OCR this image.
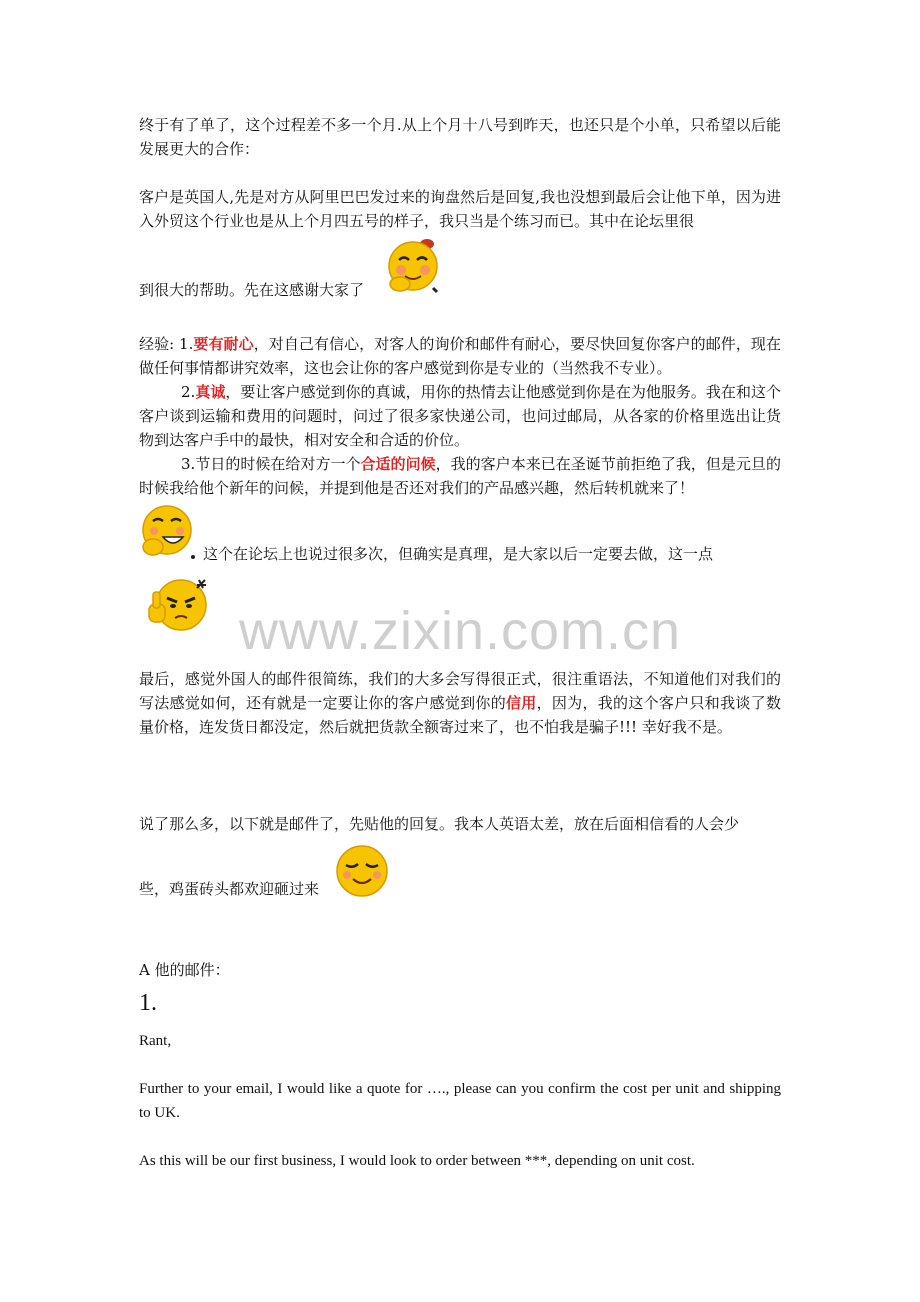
www.zixin.com.cn
终于有了单了，这个过程差不多一个月.从上个月十八号到昨天，也还只是个小单，只希望以后能发展更大的合作：
客户是英国人,先是对方从阿里巴巴发过来的询盘然后是回复,我也没想到最后会让他下单，因为进入外贸这个行业也是从上个月四五号的样子，我只当是个练习而已。其中在论坛里很
到很大的帮助。先在这感谢大家了
经验: 1.要有耐心，对自己有信心，对客人的询价和邮件有耐心，要尽快回复你客户的邮件，现在做任何事情都讲究效率，这也会让你的客户感觉到你是专业的（当然我不专业）。
2.真诚，要让客户感觉到你的真诚，用你的热情去让他感觉到你是在为他服务。我在和这个客户谈到运输和费用的问题时，问过了很多家快递公司，也问过邮局，从各家的价格里选出让货物到达客户手中的最快，相对安全和合适的价位。
3.节日的时候在给对方一个合适的问候，我的客户本来已在圣诞节前拒绝了我，但是元旦的时候我给他个新年的问候，并提到他是否还对我们的产品感兴趣，然后转机就来了！
这个在论坛上也说过很多次，但确实是真理，是大家以后一定要去做，这一点
最后，感觉外国人的邮件很简练，我们的大多会写得很正式，很注重语法，不知道他们对我们的写法感觉如何，还有就是一定要让你的客户感觉到你的信用，因为，我的这个客户只和我谈了数量价格，连发货日都没定，然后就把货款全额寄过来了，也不怕我是骗子!!! 幸好我不是。
说了那么多，以下就是邮件了，先贴他的回复。我本人英语太差，放在后面相信看的人会少
些，鸡蛋砖头都欢迎砸过来
A 他的邮件：
1.
Rant,
Further to your email, I would like a quote for …., please can you confirm the cost per unit and shipping to UK.
As this will be our first business, I would look to order between ***, depending on unit cost.
